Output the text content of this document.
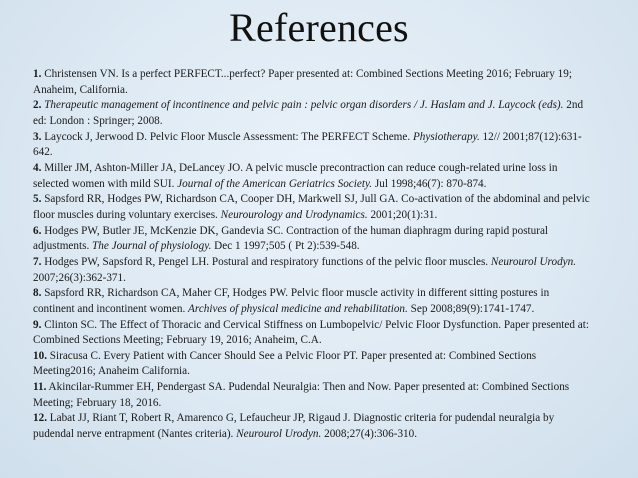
References

1. Christensen VN. Is a perfect PERFECT...perfect? Paper presented at: Combined Sections Meeting 2016; February 19; Anaheim, California.

2. Therapeutic management of incontinence and pelvic pain : pelvic organ disorders / J. Haslam and J. Laycock (eds). 2nd ed: London : Springer; 2008.

3. Laycock J, Jerwood D. Pelvic Floor Muscle Assessment: The PERFECT Scheme. Physiotherapy. 12// 2001;87(12):631-642.

4. Miller JM, Ashton-Miller JA, DeLancey JO. A pelvic muscle precontraction can reduce cough-related urine loss in selected women with mild SUI. Journal of the American Geriatrics Society. Jul 1998;46(7): 870-874.

5. Sapsford RR, Hodges PW, Richardson CA, Cooper DH, Markwell SJ, Jull GA. Co-activation of the abdominal and pelvic floor muscles during voluntary exercises. Neurourology and Urodynamics. 2001;20(1):31.

6. Hodges PW, Butler JE, McKenzie DK, Gandevia SC. Contraction of the human diaphragm during rapid postural adjustments. The Journal of physiology. Dec 1 1997;505 ( Pt 2):539-548.

7. Hodges PW, Sapsford R, Pengel LH. Postural and respiratory functions of the pelvic floor muscles. Neurourol Urodyn. 2007;26(3):362-371.

8. Sapsford RR, Richardson CA, Maher CF, Hodges PW. Pelvic floor muscle activity in different sitting postures in continent and incontinent women. Archives of physical medicine and rehabilitation. Sep 2008;89(9):1741-1747.

9. Clinton SC. The Effect of Thoracic and Cervical Stiffness on Lumbopelvic/ Pelvic Floor Dysfunction. Paper presented at: Combined Sections Meeting; February 19, 2016; Anaheim, C.A.

10. Siracusa C. Every Patient with Cancer Should See a Pelvic Floor PT. Paper presented at: Combined Sections Meeting2016; Anaheim California.

11. Akincilar-Rummer EH, Pendergast SA. Pudendal Neuralgia: Then and Now. Paper presented at: Combined Sections Meeting; February 18, 2016.

12. Labat JJ, Riant T, Robert R, Amarenco G, Lefaucheur JP, Rigaud J. Diagnostic criteria for pudendal neuralgia by pudendal nerve entrapment (Nantes criteria). Neurourol Urodyn. 2008;27(4):306-310.
